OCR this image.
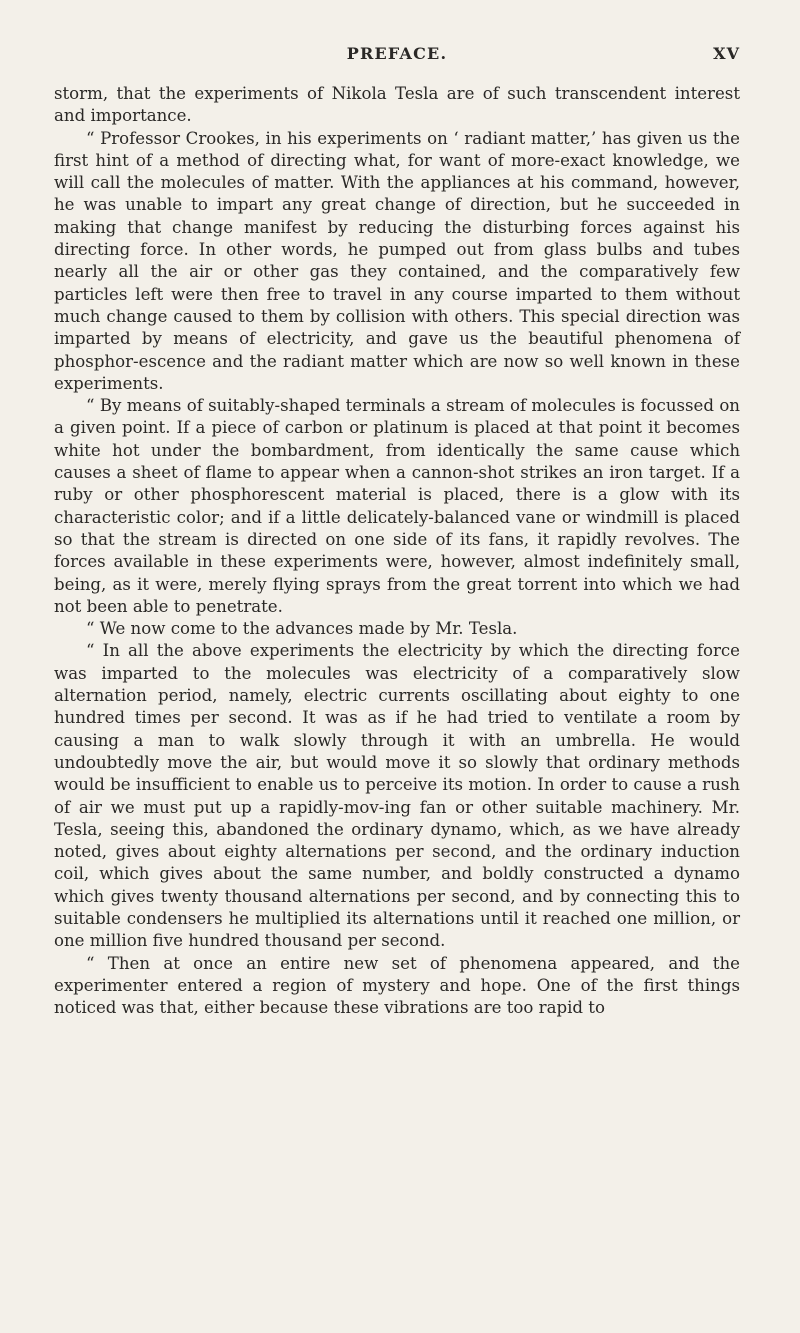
PREFACE.	XV

storm, that the experiments of Nikola Tesla are of such transcendent interest and importance.

“ Professor Crookes, in his experiments on ‘ radiant matter,’ has given us the first hint of a method of directing what, for want of more-exact knowledge, we will call the molecules of matter. With the appliances at his command, however, he was unable to impart any great change of direction, but he succeeded in making that change manifest by reducing the disturbing forces against his directing force. In other words, he pumped out from glass bulbs and tubes nearly all the air or other gas they contained, and the comparatively few particles left were then free to travel in any course imparted to them without much change caused to them by collision with others. This special direction was imparted by means of electricity, and gave us the beautiful phenomena of phosphor-escence and the radiant matter which are now so well known in these experiments.

“ By means of suitably-shaped terminals a stream of molecules is focussed on a given point. If a piece of carbon or platinum is placed at that point it becomes white hot under the bombardment, from identically the same cause which causes a sheet of flame to appear when a cannon-shot strikes an iron target. If a ruby or other phosphorescent material is placed, there is a glow with its characteristic color; and if a little delicately-balanced vane or windmill is placed so that the stream is directed on one side of its fans, it rapidly revolves. The forces available in these experiments were, however, almost indefinitely small, being, as it were, merely flying sprays from the great torrent into which we had not been able to penetrate.

“ We now come to the advances made by Mr. Tesla.

“ In all the above experiments the electricity by which the directing force was imparted to the molecules was electricity of a comparatively slow alternation period, namely, electric currents oscillating about eighty to one hundred times per second. It was as if he had tried to ventilate a room by causing a man to walk slowly through it with an umbrella. He would undoubtedly move the air, but would move it so slowly that ordinary methods would be insufficient to enable us to perceive its motion. In order to cause a rush of air we must put up a rapidly-mov-ing fan or other suitable machinery. Mr. Tesla, seeing this, abandoned the ordinary dynamo, which, as we have already noted, gives about eighty alternations per second, and the ordinary induction coil, which gives about the same number, and boldly constructed a dynamo which gives twenty thousand alternations per second, and by connecting this to suitable condensers he multiplied its alternations until it reached one million, or one million five hundred thousand per second.

“ Then at once an entire new set of phenomena appeared, and the experimenter entered a region of mystery and hope. One of the first things noticed was that, either because these vibrations are too rapid to
